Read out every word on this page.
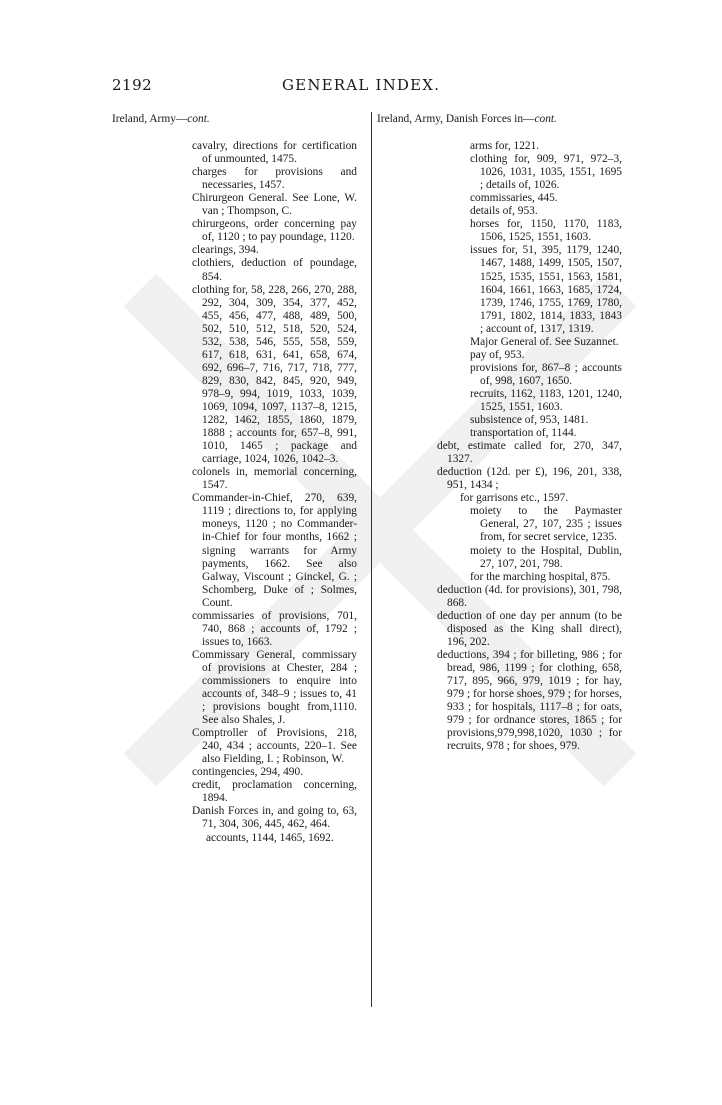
2192	GENERAL INDEX.
Ireland, Army—cont.

cavalry, directions for certification of unmounted, 1475.

charges for provisions and necessaries, 1457.

Chirurgeon General. See Lone, W. van ; Thompson, C.

chirurgeons, order concerning pay of, 1120 ; to pay poundage, 1120.

clearings, 394.

clothiers, deduction of poundage, 854.

clothing for, 58, 228, 266, 270, 288, 292, 304, 309, 354, 377, 452, 455, 456, 477, 488, 489, 500, 502, 510, 512, 518, 520, 524, 532, 538, 546, 555, 558, 559, 617, 618, 631, 641, 658, 674, 692, 696–7, 716, 717, 718, 777, 829, 830, 842, 845, 920, 949, 978–9, 994, 1019, 1033, 1039, 1069, 1094, 1097, 1137–8, 1215, 1282, 1462, 1855, 1860, 1879, 1888 ; accounts for, 657–8, 991, 1010, 1465 ; package and carriage, 1024, 1026, 1042–3.

colonels in, memorial concerning, 1547.

Commander-in-Chief, 270, 639, 1119 ; directions to, for applying moneys, 1120 ; no Commander-in-Chief for four months, 1662 ; signing warrants for Army payments, 1662. See also Galway, Viscount ; Ginckel, G. ; Schomberg, Duke of ; Solmes, Count.

commissaries of provisions, 701, 740, 868 ; accounts of, 1792 ; issues to, 1663.

Commissary General, commissary of provisions at Chester, 284 ; commissioners to enquire into accounts of, 348–9 ; issues to, 41 ; provisions bought from,1110. See also Shales, J.

Comptroller of Provisions, 218, 240, 434 ; accounts, 220–1. See also Fielding, I. ; Robinson, W.

contingencies, 294, 490.

credit, proclamation concerning, 1894.

Danish Forces in, and going to, 63, 71, 304, 306, 445, 462, 464.

accounts, 1144, 1465, 1692.

Ireland, Army, Danish Forces in—cont.

arms for, 1221.

clothing for, 909, 971, 972–3, 1026, 1031, 1035, 1551, 1695 ; details of, 1026.

commissaries, 445.

details of, 953.

horses for, 1150, 1170, 1183, 1506, 1525, 1551, 1603.

issues for, 51, 395, 1179, 1240, 1467, 1488, 1499, 1505, 1507, 1525, 1535, 1551, 1563, 1581, 1604, 1661, 1663, 1685, 1724, 1739, 1746, 1755, 1769, 1780, 1791, 1802, 1814, 1833, 1843 ; account of, 1317, 1319.

Major General of. See Suzannet.

pay of, 953.

provisions for, 867–8 ; accounts of, 998, 1607, 1650.

recruits, 1162, 1183, 1201, 1240, 1525, 1551, 1603.

subsistence of, 953, 1481.

transportation of, 1144.

debt, estimate called for, 270, 347, 1327.

deduction (12d. per £), 196, 201, 338, 951, 1434 ;

for garrisons etc., 1597.

moiety to the Paymaster General, 27, 107, 235 ; issues from, for secret service, 1235.

moiety to the Hospital, Dublin, 27, 107, 201, 798.

for the marching hospital, 875.

deduction (4d. for provisions), 301, 798, 868.

deduction of one day per annum (to be disposed as the King shall direct), 196, 202.

deductions, 394 ; for billeting, 986 ; for bread, 986, 1199 ; for clothing, 658, 717, 895, 966, 979, 1019 ; for hay, 979 ; for horse shoes, 979 ; for horses, 933 ; for hospitals, 1117–8 ; for oats, 979 ; for ordnance stores, 1865 ; for provisions,979,998,1020, 1030 ; for recruits, 978 ; for shoes, 979.
